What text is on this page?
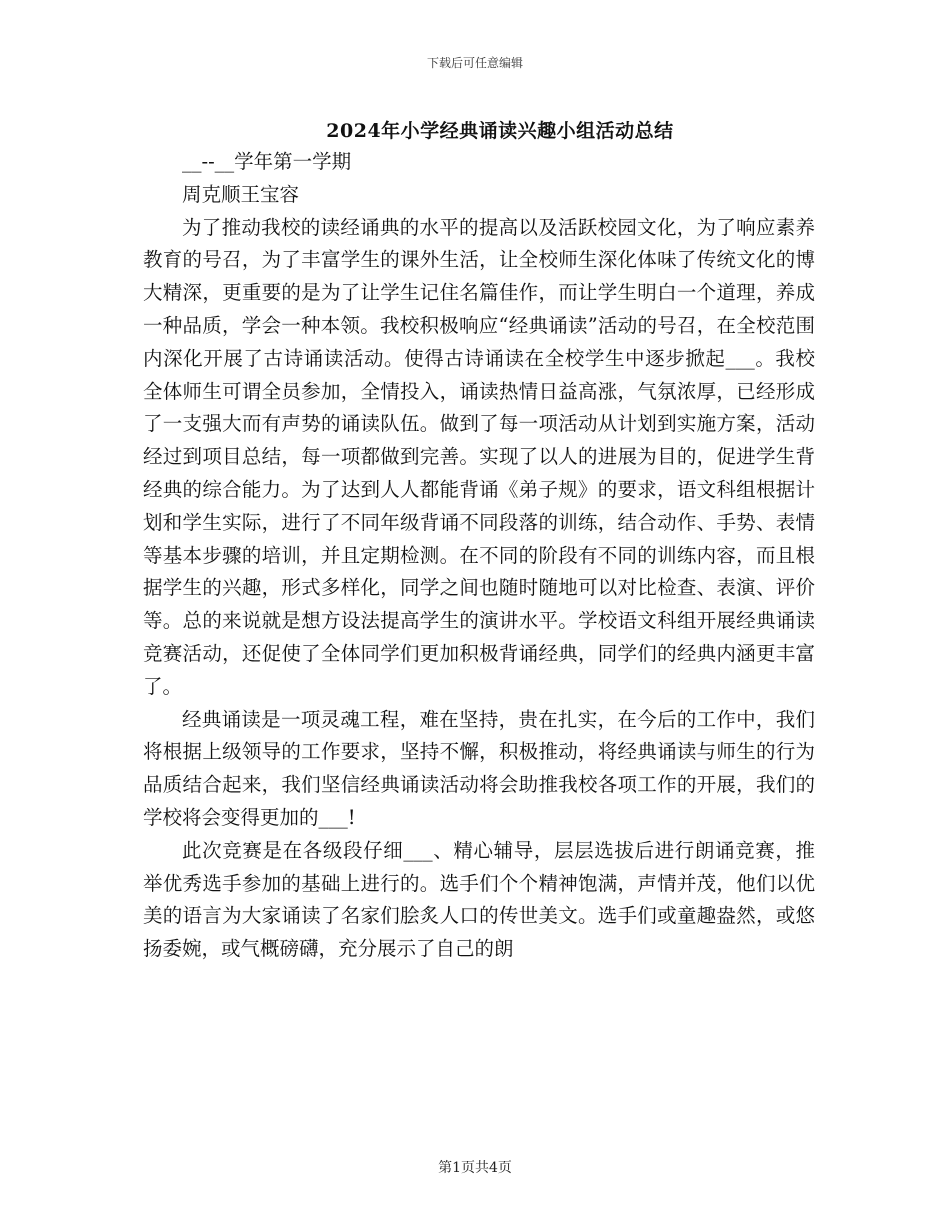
下载后可任意编辑
2024年小学经典诵读兴趣小组活动总结

__--__学年第一学期

周克顺王宝容

为了推动我校的读经诵典的水平的提高以及活跃校园文化，为了响应素养教育的号召，为了丰富学生的课外生活，让全校师生深化体味了传统文化的博大精深，更重要的是为了让学生记住名篇佳作，而让学生明白一个道理，养成一种品质，学会一种本领。我校积极响应“经典诵读”活动的号召，在全校范围内深化开展了古诗诵读活动。使得古诗诵读在全校学生中逐步掀起___。我校全体师生可谓全员参加，全情投入，诵读热情日益高涨，气氛浓厚，已经形成了一支强大而有声势的诵读队伍。做到了每一项活动从计划到实施方案，活动经过到项目总结，每一项都做到完善。实现了以人的进展为目的，促进学生背经典的综合能力。为了达到人人都能背诵《弟子规》的要求，语文科组根据计划和学生实际，进行了不同年级背诵不同段落的训练，结合动作、手势、表情等基本步骤的培训，并且定期检测。在不同的阶段有不同的训练内容，而且根据学生的兴趣，形式多样化，同学之间也随时随地可以对比检查、表演、评价等。总的来说就是想方设法提高学生的演讲水平。学校语文科组开展经典诵读竞赛活动，还促使了全体同学们更加积极背诵经典，同学们的经典内涵更丰富了。

经典诵读是一项灵魂工程，难在坚持，贵在扎实，在今后的工作中，我们将根据上级领导的工作要求，坚持不懈，积极推动，将经典诵读与师生的行为品质结合起来，我们坚信经典诵读活动将会助推我校各项工作的开展，我们的学校将会变得更加的___!

此次竞赛是在各级段仔细___、精心辅导，层层选拔后进行朗诵竞赛，推举优秀选手参加的基础上进行的。选手们个个精神饱满，声情并茂，他们以优美的语言为大家诵读了名家们脍炙人口的传世美文。选手们或童趣盎然，或悠扬委婉，或气概磅礴，充分展示了自己的朗

第1页共4页
